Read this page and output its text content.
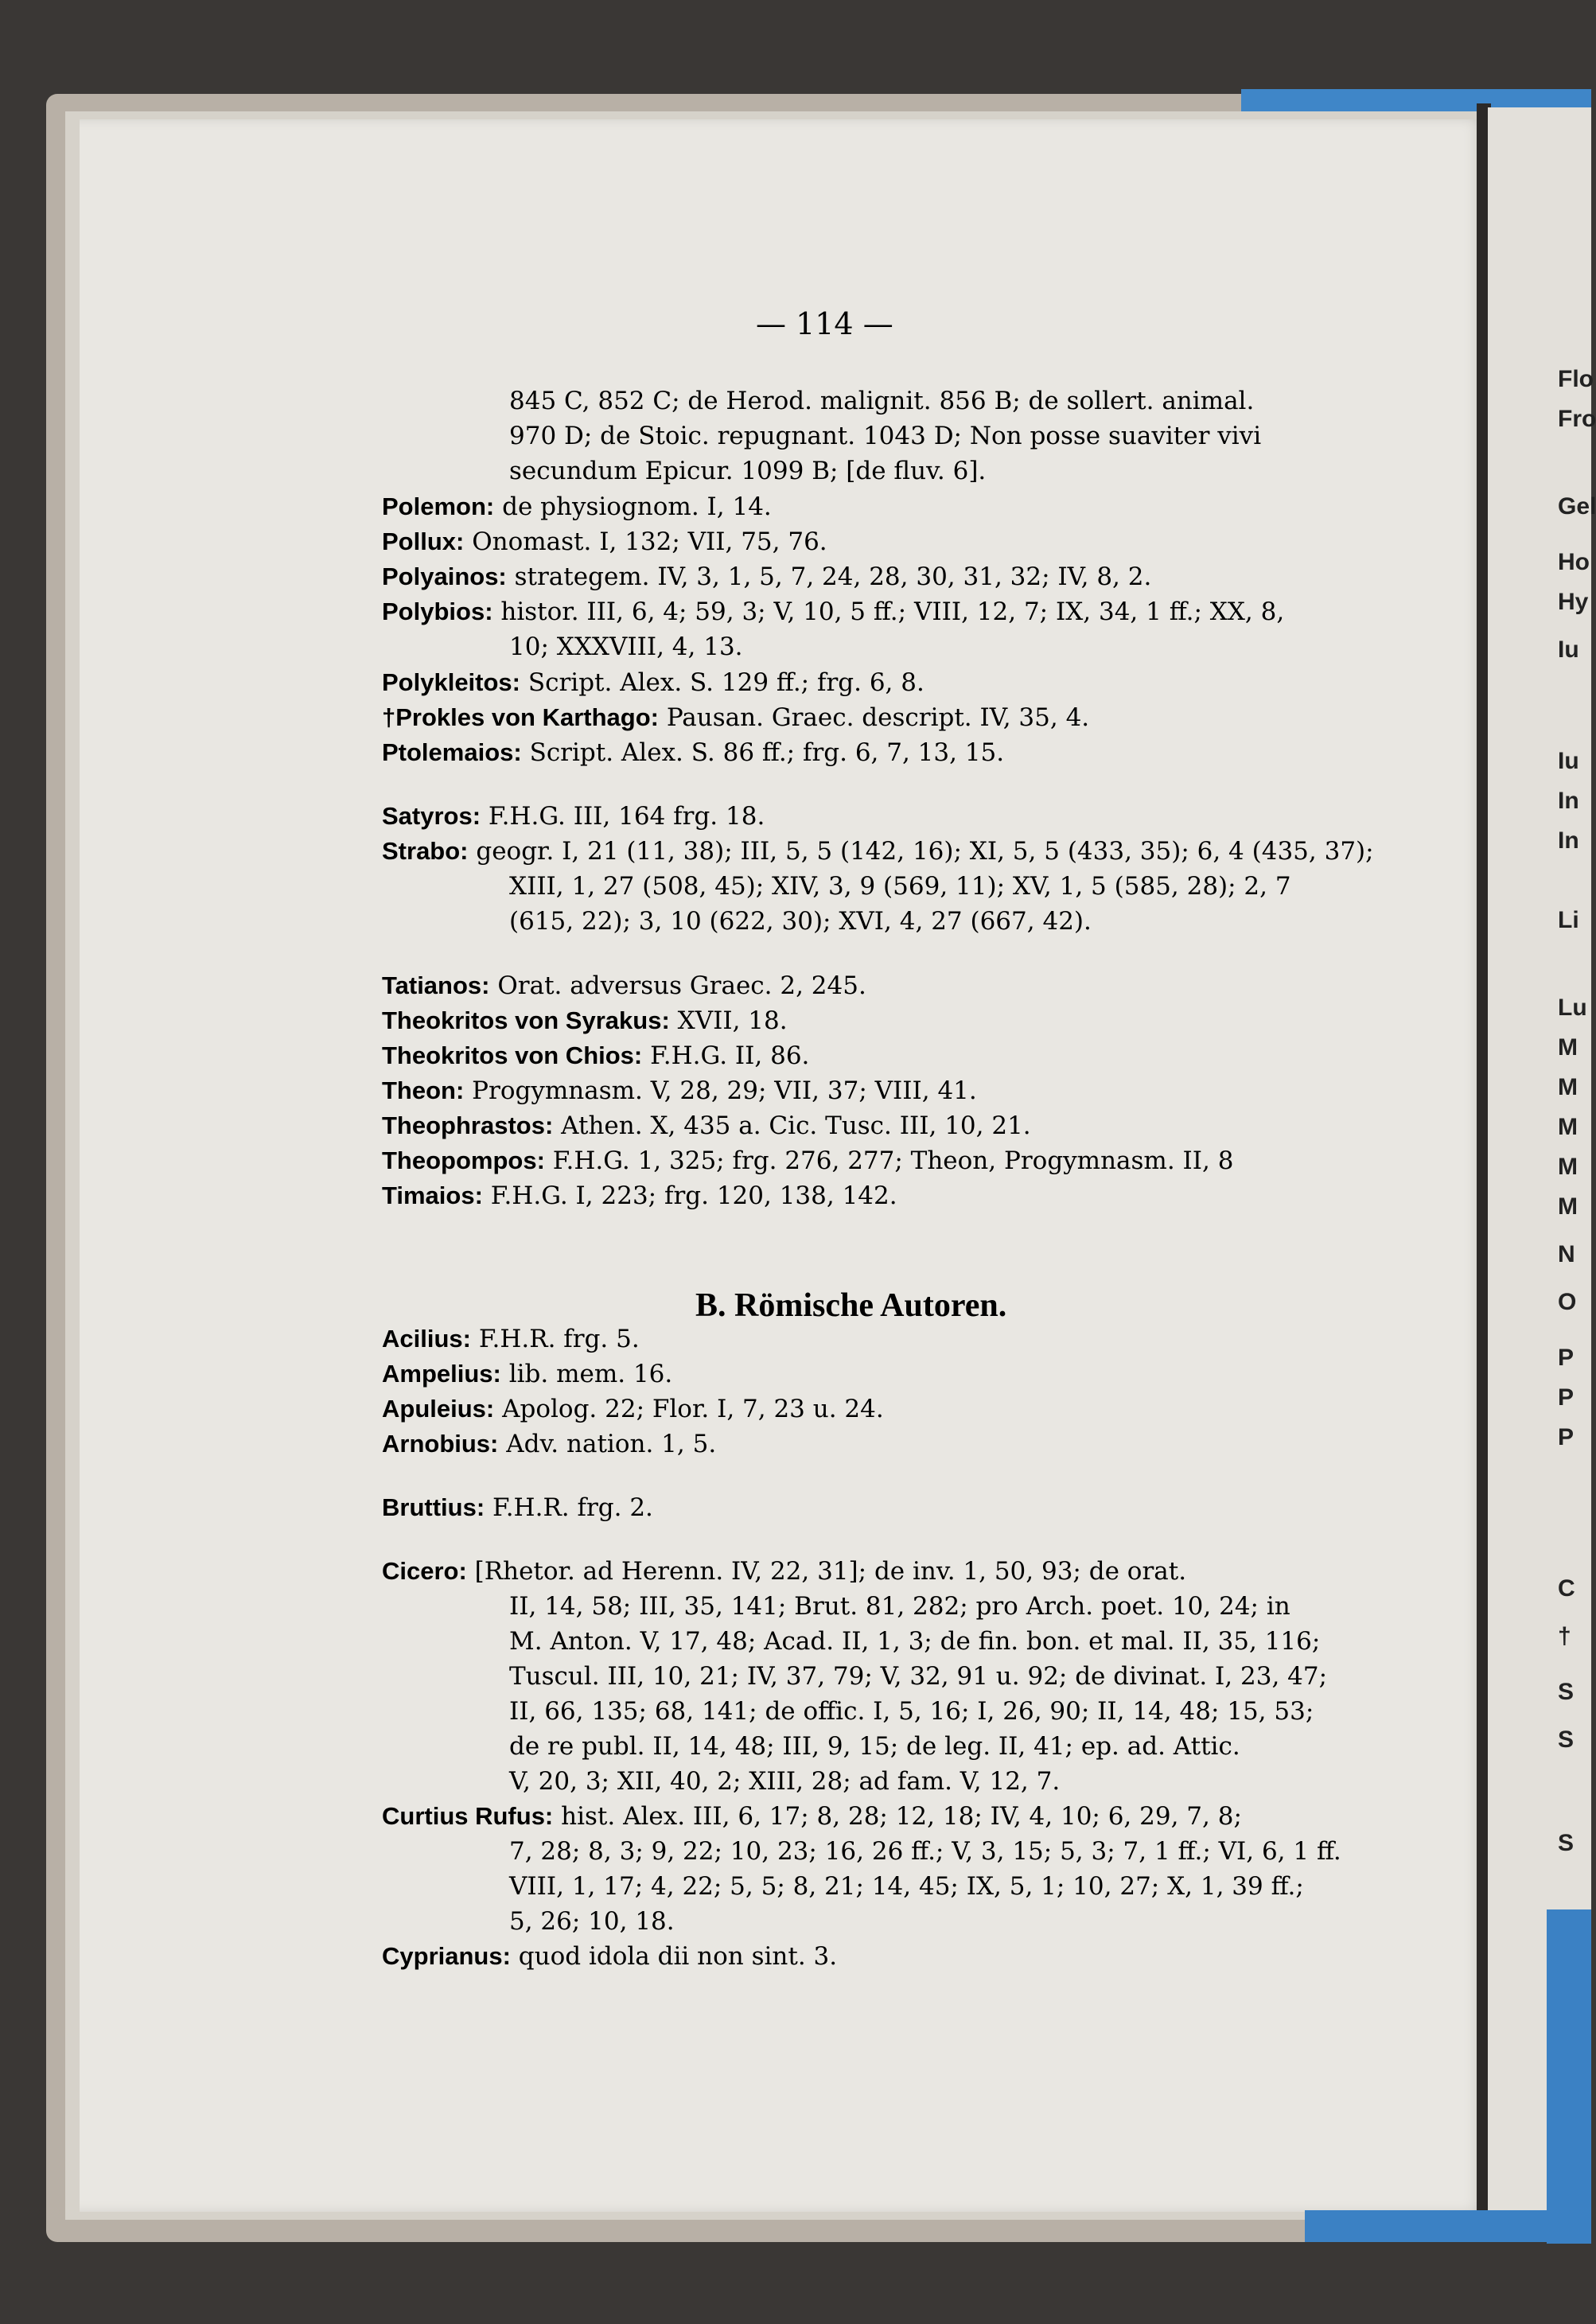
Flo
Fro
Gel
Ho
Hy
Iu
Iu
In
In
Li
Lu
M
M
M
M
M
N
O
P
P
P
C
†
S
S
S
— 114 —
845 C, 852 C; de Herod. malignit. 856 B; de sollert. animal.
970 D; de Stoic. repugnant. 1043 D; Non posse suaviter vivi
secundum Epicur. 1099 B; [de fluv. 6].
Polemon: de physiognom. I, 14.
Pollux: Onomast. I, 132; VII, 75, 76.
Polyainos: strategem. IV, 3, 1, 5, 7, 24, 28, 30, 31, 32; IV, 8, 2.
Polybios: histor. III, 6, 4; 59, 3; V, 10, 5 ff.; VIII, 12, 7; IX, 34, 1 ff.; XX, 8,
10; XXXVIII, 4, 13.
Polykleitos: Script. Alex. S. 129 ff.; frg. 6, 8.
†Prokles von Karthago: Pausan. Graec. descript. IV, 35, 4.
Ptolemaios: Script. Alex. S. 86 ff.; frg. 6, 7, 13, 15.
Satyros: F.H.G. III, 164 frg. 18.
Strabo: geogr. I, 21 (11, 38); III, 5, 5 (142, 16); XI, 5, 5 (433, 35); 6, 4 (435, 37);
XIII, 1, 27 (508, 45); XIV, 3, 9 (569, 11); XV, 1, 5 (585, 28); 2, 7
(615, 22); 3, 10 (622, 30); XVI, 4, 27 (667, 42).
Tatianos: Orat. adversus Graec. 2, 245.
Theokritos von Syrakus: XVII, 18.
Theokritos von Chios: F.H.G. II, 86.
Theon: Progymnasm. V, 28, 29; VII, 37; VIII, 41.
Theophrastos: Athen. X, 435 a. Cic. Tusc. III, 10, 21.
Theopompos: F.H.G. 1, 325; frg. 276, 277; Theon, Progymnasm. II, 8
Timaios: F.H.G. I, 223; frg. 120, 138, 142.
B. Römische Autoren.
Acilius: F.H.R. frg. 5.
Ampelius: lib. mem. 16.
Apuleius: Apolog. 22; Flor. I, 7, 23 u. 24.
Arnobius: Adv. nation. 1, 5.
Bruttius: F.H.R. frg. 2.
Cicero: [Rhetor. ad Herenn. IV, 22, 31]; de inv. 1, 50, 93; de orat.
II, 14, 58; III, 35, 141; Brut. 81, 282; pro Arch. poet. 10, 24; in
M. Anton. V, 17, 48; Acad. II, 1, 3; de fin. bon. et mal. II, 35, 116;
Tuscul. III, 10, 21; IV, 37, 79; V, 32, 91 u. 92; de divinat. I, 23, 47;
II, 66, 135; 68, 141; de offic. I, 5, 16; I, 26, 90; II, 14, 48; 15, 53;
de re publ. II, 14, 48; III, 9, 15; de leg. II, 41; ep. ad. Attic.
V, 20, 3; XII, 40, 2; XIII, 28; ad fam. V, 12, 7.
Curtius Rufus: hist. Alex. III, 6, 17; 8, 28; 12, 18; IV, 4, 10; 6, 29, 7, 8;
7, 28; 8, 3; 9, 22; 10, 23; 16, 26 ff.; V, 3, 15; 5, 3; 7, 1 ff.; VI, 6, 1 ff.
VIII, 1, 17; 4, 22; 5, 5; 8, 21; 14, 45; IX, 5, 1; 10, 27; X, 1, 39 ff.;
5, 26; 10, 18.
Cyprianus: quod idola dii non sint. 3.
